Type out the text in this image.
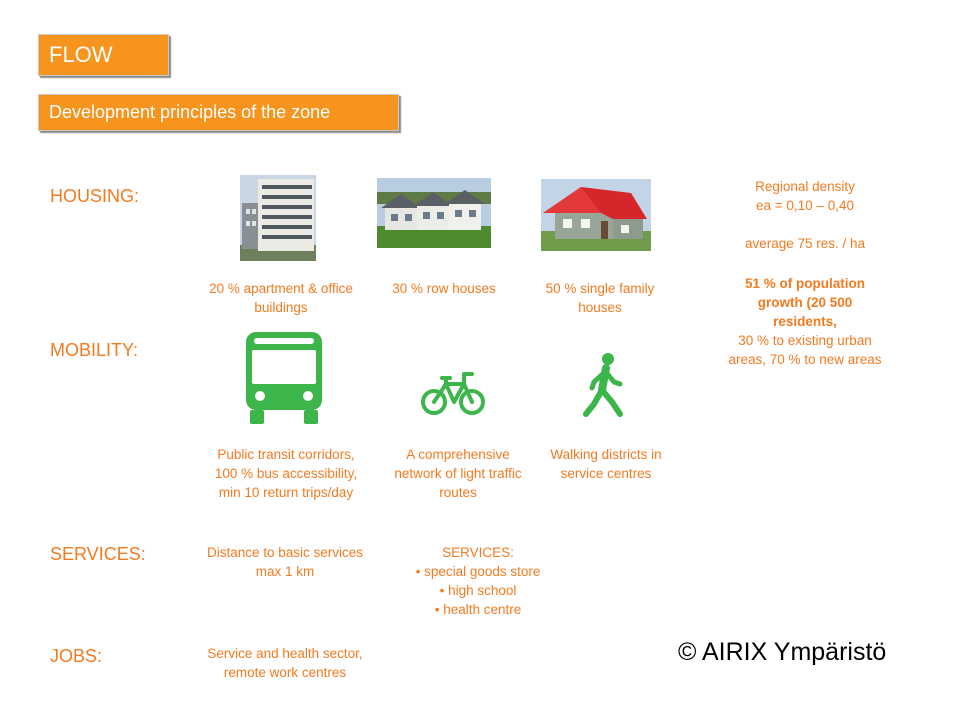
FLOW
Development principles of the zone
HOUSING:
MOBILITY:
SERVICES:
JOBS:
20 % apartment & office
buildings
30 % row houses	50 % single family
houses
Regional density
ea = 0,10 – 0,40
average 75 res. / ha
51 % of population
growth (20 500
residents,
30 % to existing urban
areas, 70 % to new areas
Public transit corridors,
100 % bus accessibility,
min 10 return trips/day
A comprehensive
network of light traffic
routes
Walking districts in
service centres
Distance to basic services
max 1 km
SERVICES:
• special goods store
• high school
• health centre
Service and health sector,
remote work centres
© AIRIX Ympäristö
